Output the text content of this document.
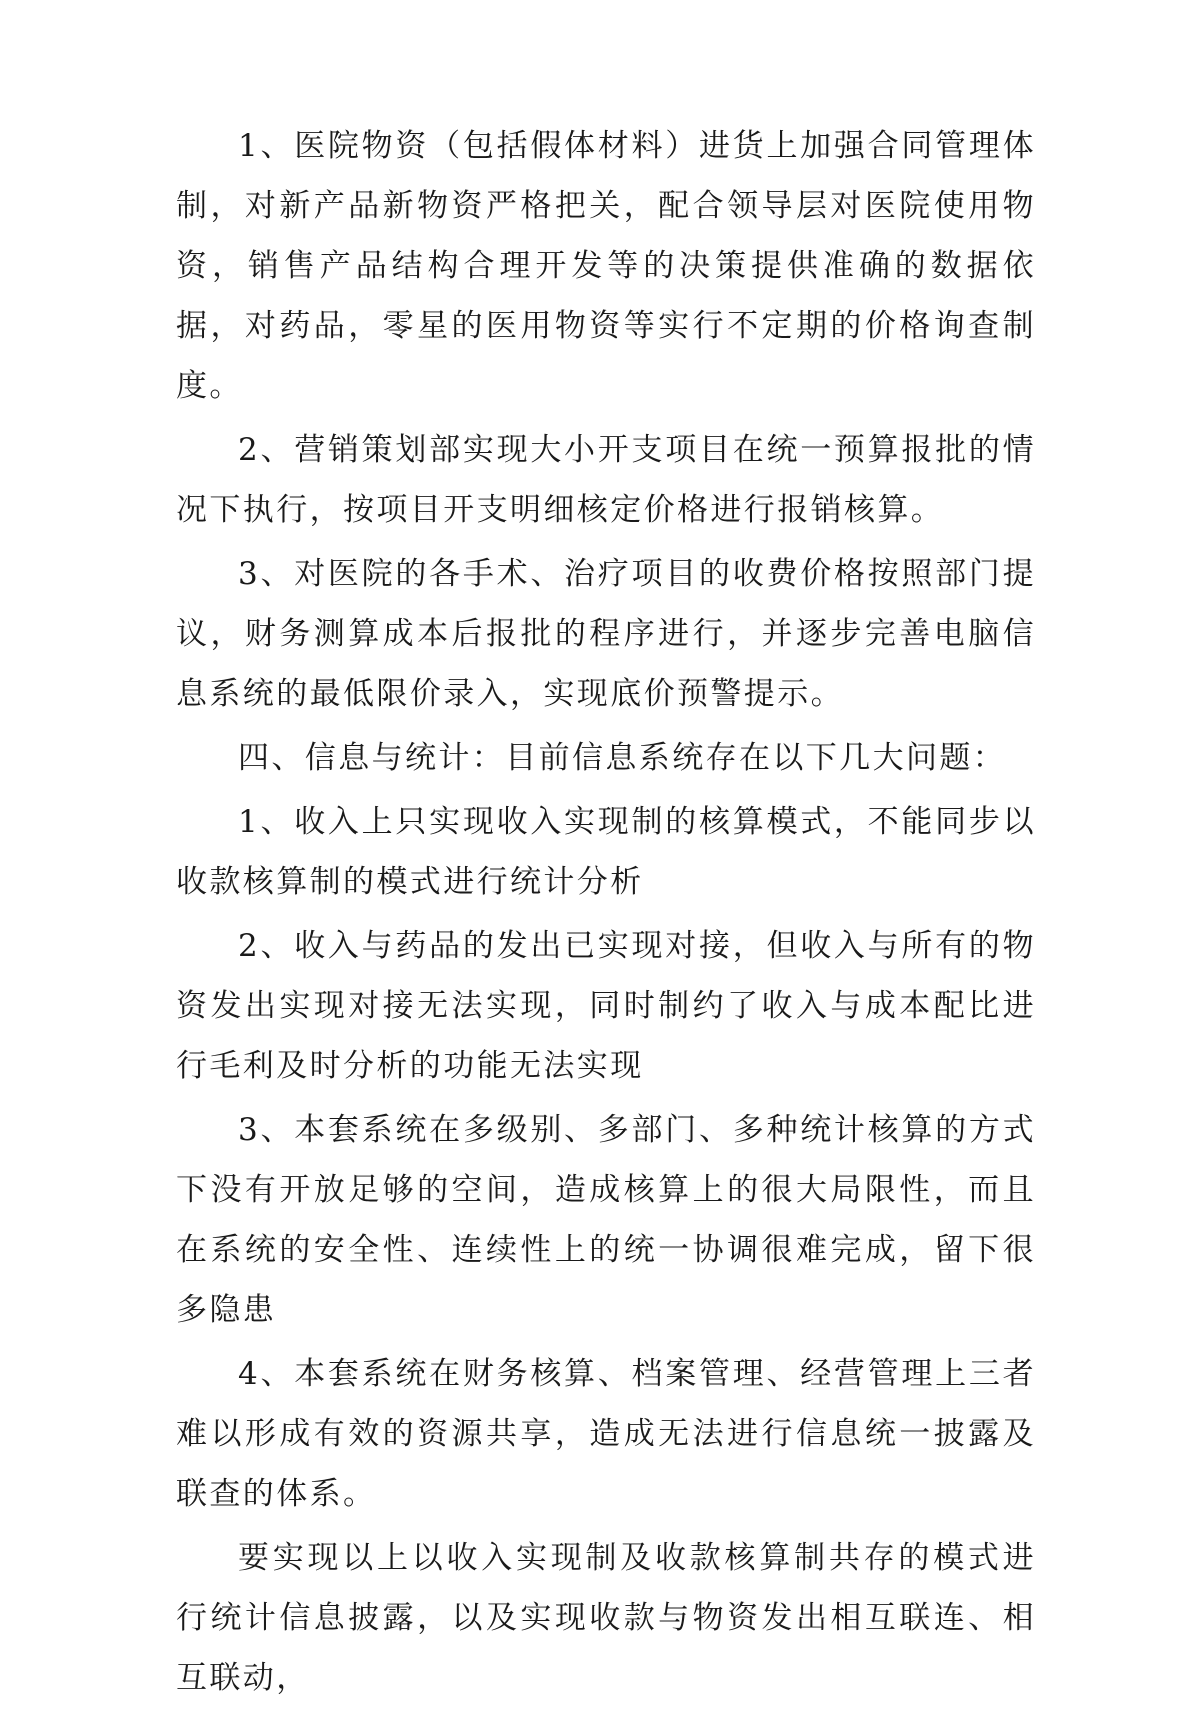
1、医院物资（包括假体材料）进货上加强合同管理体制，对新产品新物资严格把关，配合领导层对医院使用物资，销售产品结构合理开发等的决策提供准确的数据依据，对药品，零星的医用物资等实行不定期的价格询查制度。

2、营销策划部实现大小开支项目在统一预算报批的情况下执行，按项目开支明细核定价格进行报销核算。

3、对医院的各手术、治疗项目的收费价格按照部门提议，财务测算成本后报批的程序进行，并逐步完善电脑信息系统的最低限价录入，实现底价预警提示。

四、信息与统计：目前信息系统存在以下几大问题：

1、收入上只实现收入实现制的核算模式，不能同步以收款核算制的模式进行统计分析

2、收入与药品的发出已实现对接，但收入与所有的物资发出实现对接无法实现，同时制约了收入与成本配比进行毛利及时分析的功能无法实现

3、本套系统在多级别、多部门、多种统计核算的方式下没有开放足够的空间，造成核算上的很大局限性，而且在系统的安全性、连续性上的统一协调很难完成，留下很多隐患

4、本套系统在财务核算、档案管理、经营管理上三者难以形成有效的资源共享，造成无法进行信息统一披露及联查的体系。

要实现以上以收入实现制及收款核算制共存的模式进行统计信息披露，以及实现收款与物资发出相互联连、相互联动，
